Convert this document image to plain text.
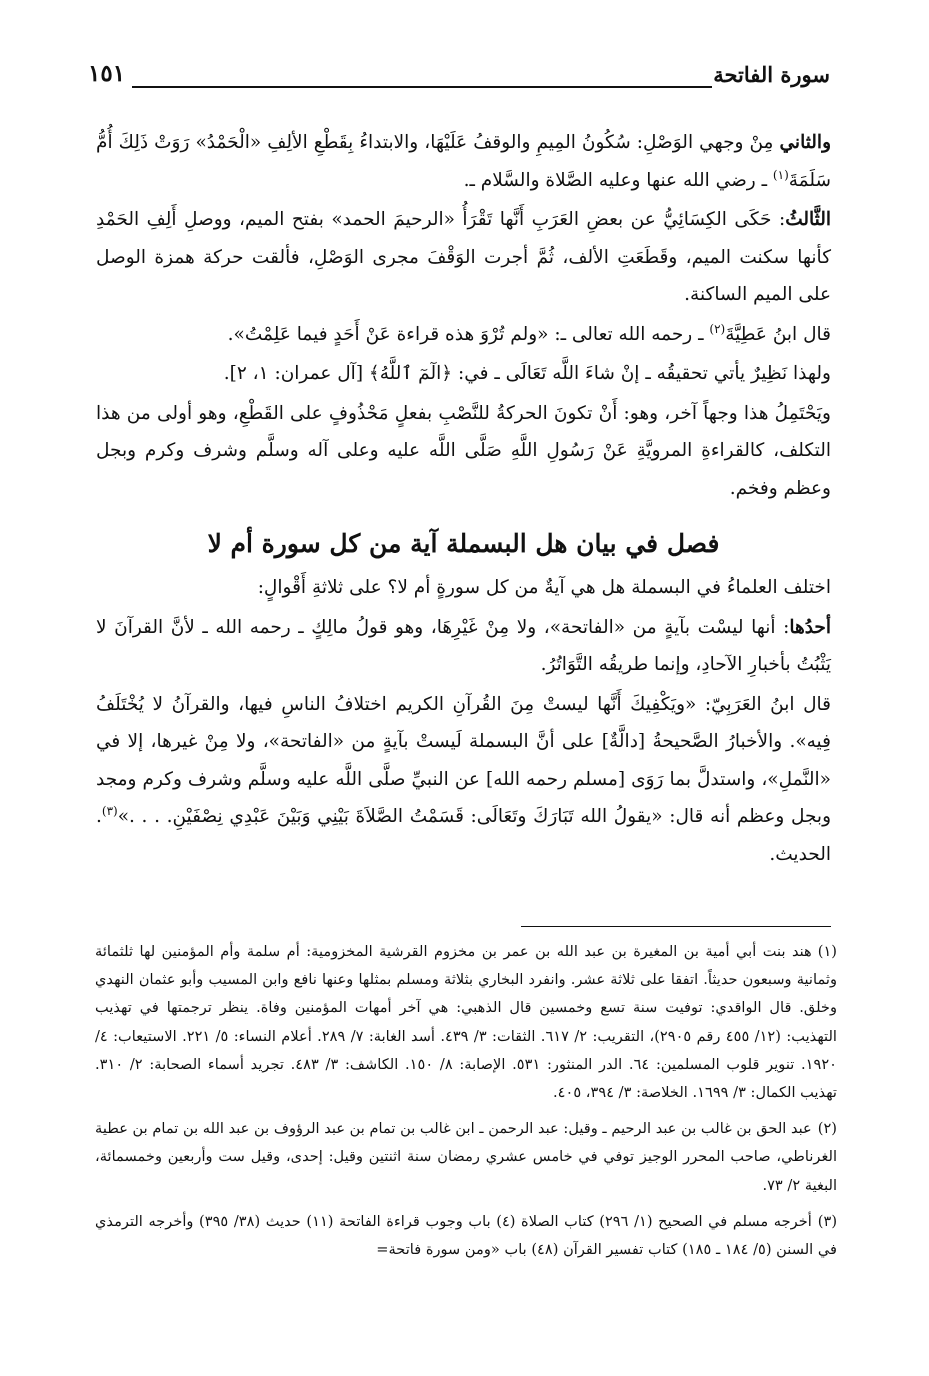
سورة الفاتحة
١٥١

والثاني مِنْ وجهي الوَصْلِ: سُكُونُ المِيمِ والوقفُ عَلَيْهَا، والابتداءُ بِقَطْعِ الألِفِ «الْحَمْدُ» رَوَتْ ذَلِكَ أُمُّ سَلَمَةَ$^{(١)}$ ـ رضي الله عنها وعليه الصَّلاة والسَّلام ـ.

الثَّالثُ: حَكَى الكِسَائِيُّ عن بعضِ العَرَبِ أَنَّها تَقْرَأُ «الرحيمَ الحمد» بفتح الميم، ووصلِ أَلِفِ الحَمْدِ كأنها سكنت الميم، وقَطَعَتِ الألف، ثُمَّ أجرت الوَقْفَ مجرى الوَصْلِ، فألقت حركة همزة الوصل على الميم الساكنة.

قال ابنُ عَطِيَّةَ$^{(٢)}$ ـ رحمه الله تعالى ـ: «ولم تُرْوَ هذه قراءة عَنْ أَحَدٍ فيما عَلِمْتُ».

ولهذا نَظِيرٌ يأتي تحقيقُه ـ إنْ شاءَ اللَّه تَعَالَى ـ في: ﴿الٓمٓ ٱللَّهُ﴾ [آل عمران: ١، ٢].

ويَحْتَمِلُ هذا وجهاً آخر، وهو: أَنْ تكونَ الحركةُ للنَّصْبِ بفعلٍ مَحْذُوفٍ على القَطْعِ، وهو أولى من هذا التكلف، كالقراءةِ المرويَّةِ عَنْ رَسُولِ اللَّهِ صَلَّى اللَّه عليه وعلى آله وسلَّم وشرف وكرم وبجل وعظم وفخم.

فصل في بيان هل البسملة آية من كل سورة أم لا

اختلف العلماءُ في البسملة هل هي آيةٌ من كل سورةٍ أم لا؟ على ثلاثةِ أَقْوالٍ:

أحدُها: أنها ليسْت بآيةٍ من «الفاتحة»، ولا مِنْ غَيْرِهَا، وهو قولُ مالِكٍ ـ رحمه الله ـ لأنَّ القرآنَ لا يَثْبُتُ بأخبارِ الآحادِ، وإنما طريقُه التَّوَاتُرُ.

قال ابنُ العَرَبِيّ: «ويَكْفِيكَ أَنَّها ليستْ مِنَ القُرآنِ الكريم اختلافُ الناسِ فيها، والقرآنُ لا يُخْتَلَفُ فِيه». والأخبارُ الصَّحيحةُ [دالَّةٌ] على أنَّ البسملة لَيستْ بآيةٍ من «الفاتحة»، ولا مِنْ غيرها، إلا في «النَّملِ»، واستدلَّ بما رَوَى [مسلم رحمه الله] عن النبيِّ صلَّى اللَّه عليه وسلَّم وشرف وكرم ومجد وبجل وعظم أنه قال: «يقولُ الله تَبَارَكَ وتَعَالَى: قَسَمْتُ الصَّلاَةَ بَيْنِي وَبَيْنَ عَبْدِي نِصْفَيْنِ. . . .»$^{(٣)}$. الحديث.

(١)هند بنت أبي أمية بن المغيرة بن عبد الله بن عمر بن مخزوم القرشية المخزومية: أم سلمة وأم المؤمنين لها ثلثمائة وثمانية وسبعون حديثاً. اتفقا على ثلاثة عشر. وانفرد البخاري بثلاثة ومسلم بمثلها وعنها نافع وابن المسيب وأبو عثمان النهدي وخلق. قال الواقدي: توفيت سنة تسع وخمسين قال الذهبي: هي آخر أمهات المؤمنين وفاة. ينظر ترجمتها في تهذيب التهذيب: (١٢/ ٤٥٥ رقم ٢٩٠٥)، التقريب: ٢/ ٦١٧. الثقات: ٣/ ٤٣٩. أسد الغابة: ٧/ ٢٨٩. أعلام النساء: ٥/ ٢٢١. الاستيعاب: ٤/ ١٩٢٠. تنوير قلوب المسلمين: ٦٤. الدر المنثور: ٥٣١. الإصابة: ٨/ ١٥٠. الكاشف: ٣/ ٤٨٣. تجريد أسماء الصحابة: ٢/ ٣١٠. تهذيب الكمال: ٣/ ١٦٩٩. الخلاصة: ٣/ ٣٩٤، ٤٠٥.

(٢)عبد الحق بن غالب بن عبد الرحيم ـ وقيل: عبد الرحمن ـ ابن غالب بن تمام بن عبد الرؤوف بن عبد الله بن تمام بن عطية الغرناطي، صاحب المحرر الوجيز توفي في خامس عشري رمضان سنة اثنتين وقيل: إحدى، وقيل ست وأربعين وخمسمائة، البغية ٢/ ٧٣.

(٣)أخرجه مسلم في الصحيح (١/ ٢٩٦) كتاب الصلاة (٤) باب وجوب قراءة الفاتحة (١١) حديث (٣٨/ ٣٩٥) وأخرجه الترمذي في السنن (٥/ ١٨٤ ـ ١٨٥) كتاب تفسير القرآن (٤٨) باب «ومن سورة فاتحة=
